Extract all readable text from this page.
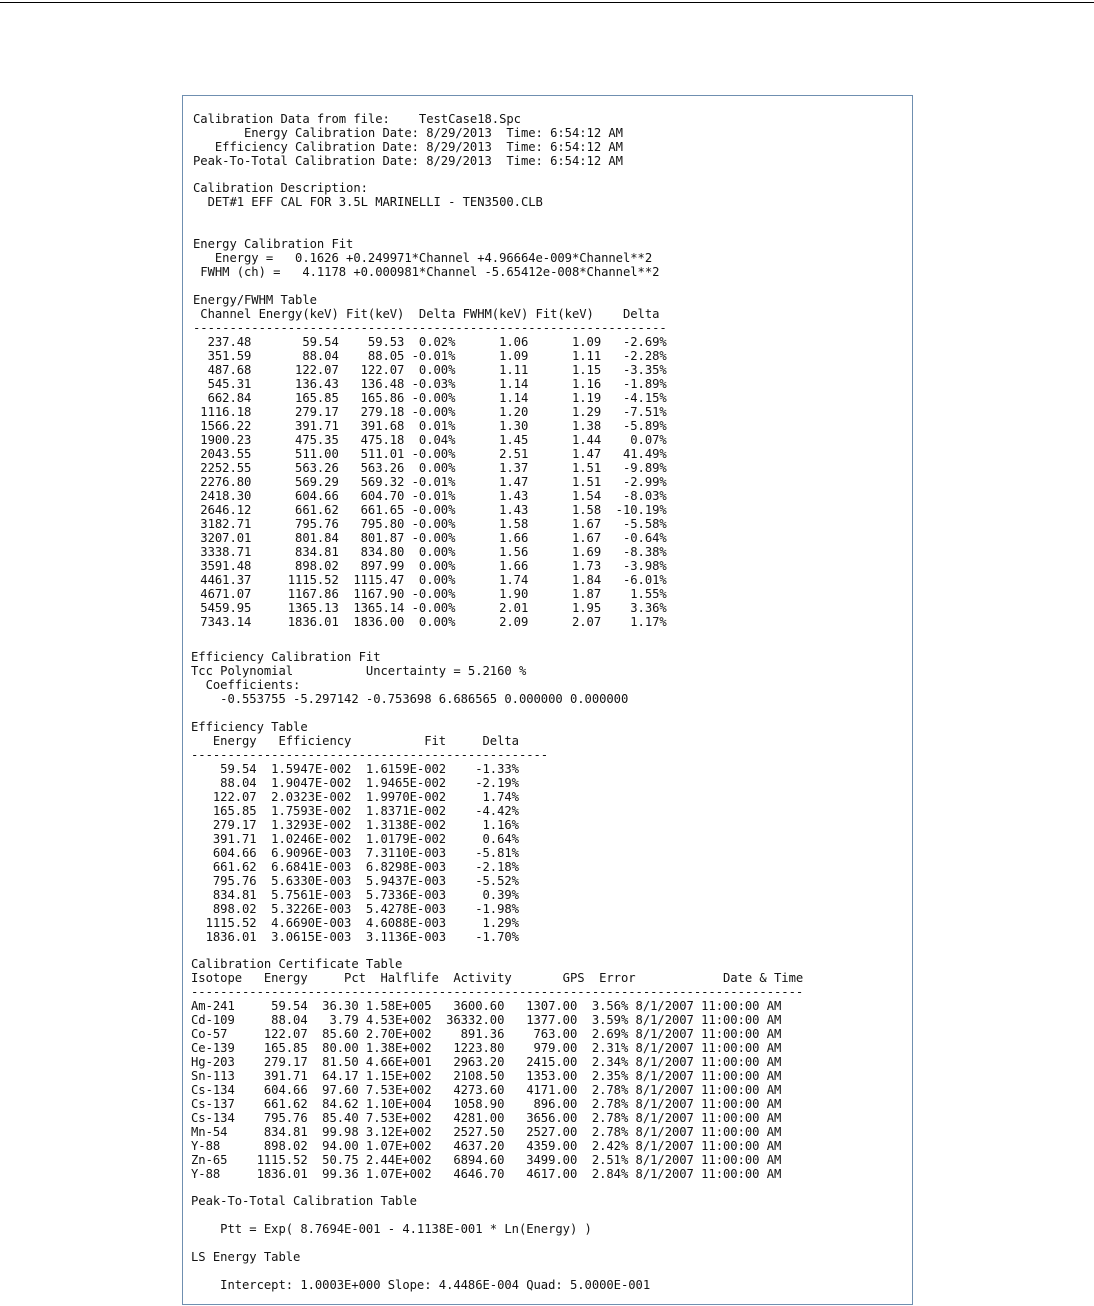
Calibration Data from file:    TestCase18.Spc
Energy Calibration Date: 8/29/2013  Time: 6:54:12 AM
Efficiency Calibration Date: 8/29/2013  Time: 6:54:12 AM
Peak-To-Total Calibration Date: 8/29/2013  Time: 6:54:12 AM
Calibration Description:
DET#1 EFF CAL FOR 3.5L MARINELLI - TEN3500.CLB
Energy Calibration Fit
Energy =   0.1626 +0.249971*Channel +4.96664e-009*Channel**2
FWHM (ch) =   4.1178 +0.000981*Channel -5.65412e-008*Channel**2
Energy/FWHM Table
Channel Energy(keV) Fit(keV)  Delta FWHM(keV) Fit(keV)    Delta
-----------------------------------------------------------------
237.48       59.54    59.53  0.02%      1.06      1.09   -2.69%
351.59       88.04    88.05 -0.01%      1.09      1.11   -2.28%
487.68      122.07   122.07  0.00%      1.11      1.15   -3.35%
545.31      136.43   136.48 -0.03%      1.14      1.16   -1.89%
662.84      165.85   165.86 -0.00%      1.14      1.19   -4.15%
1116.18      279.17   279.18 -0.00%      1.20      1.29   -7.51%
1566.22      391.71   391.68  0.01%      1.30      1.38   -5.89%
1900.23      475.35   475.18  0.04%      1.45      1.44    0.07%
2043.55      511.00   511.01 -0.00%      2.51      1.47   41.49%
2252.55      563.26   563.26  0.00%      1.37      1.51   -9.89%
2276.80      569.29   569.32 -0.01%      1.47      1.51   -2.99%
2418.30      604.66   604.70 -0.01%      1.43      1.54   -8.03%
2646.12      661.62   661.65 -0.00%      1.43      1.58  -10.19%
3182.71      795.76   795.80 -0.00%      1.58      1.67   -5.58%
3207.01      801.84   801.87 -0.00%      1.66      1.67   -0.64%
3338.71      834.81   834.80  0.00%      1.56      1.69   -8.38%
3591.48      898.02   897.99  0.00%      1.66      1.73   -3.98%
4461.37     1115.52  1115.47  0.00%      1.74      1.84   -6.01%
4671.07     1167.86  1167.90 -0.00%      1.90      1.87    1.55%
5459.95     1365.13  1365.14 -0.00%      2.01      1.95    3.36%
7343.14     1836.01  1836.00  0.00%      2.09      2.07    1.17%
Efficiency Calibration Fit
Tcc Polynomial          Uncertainty = 5.2160 %
Coefficients:
-0.553755 -5.297142 -0.753698 6.686565 0.000000 0.000000
Efficiency Table
Energy   Efficiency          Fit     Delta
-------------------------------------------------
59.54  1.5947E-002  1.6159E-002    -1.33%
88.04  1.9047E-002  1.9465E-002    -2.19%
122.07  2.0323E-002  1.9970E-002     1.74%
165.85  1.7593E-002  1.8371E-002    -4.42%
279.17  1.3293E-002  1.3138E-002     1.16%
391.71  1.0246E-002  1.0179E-002     0.64%
604.66  6.9096E-003  7.3110E-003    -5.81%
661.62  6.6841E-003  6.8298E-003    -2.18%
795.76  5.6330E-003  5.9437E-003    -5.52%
834.81  5.7561E-003  5.7336E-003     0.39%
898.02  5.3226E-003  5.4278E-003    -1.98%
1115.52  4.6690E-003  4.6088E-003     1.29%
1836.01  3.0615E-003  3.1136E-003    -1.70%
Calibration Certificate Table
Isotope   Energy     Pct  Halflife  Activity       GPS  Error            Date & Time
------------------------------------------------------------------------------------
Am-241     59.54  36.30 1.58E+005   3600.60   1307.00  3.56% 8/1/2007 11:00:00 AM
Cd-109     88.04   3.79 4.53E+002  36332.00   1377.00  3.59% 8/1/2007 11:00:00 AM
Co-57     122.07  85.60 2.70E+002    891.36    763.00  2.69% 8/1/2007 11:00:00 AM
Ce-139    165.85  80.00 1.38E+002   1223.80    979.00  2.31% 8/1/2007 11:00:00 AM
Hg-203    279.17  81.50 4.66E+001   2963.20   2415.00  2.34% 8/1/2007 11:00:00 AM
Sn-113    391.71  64.17 1.15E+002   2108.50   1353.00  2.35% 8/1/2007 11:00:00 AM
Cs-134    604.66  97.60 7.53E+002   4273.60   4171.00  2.78% 8/1/2007 11:00:00 AM
Cs-137    661.62  84.62 1.10E+004   1058.90    896.00  2.78% 8/1/2007 11:00:00 AM
Cs-134    795.76  85.40 7.53E+002   4281.00   3656.00  2.78% 8/1/2007 11:00:00 AM
Mn-54     834.81  99.98 3.12E+002   2527.50   2527.00  2.78% 8/1/2007 11:00:00 AM
Y-88      898.02  94.00 1.07E+002   4637.20   4359.00  2.42% 8/1/2007 11:00:00 AM
Zn-65    1115.52  50.75 2.44E+002   6894.60   3499.00  2.51% 8/1/2007 11:00:00 AM
Y-88     1836.01  99.36 1.07E+002   4646.70   4617.00  2.84% 8/1/2007 11:00:00 AM
Peak-To-Total Calibration Table

Ptt = Exp( 8.7694E-001 - 4.1138E-001 * Ln(Energy) )
LS Energy Table

Intercept: 1.0003E+000 Slope: 4.4486E-004 Quad: 5.0000E-001
